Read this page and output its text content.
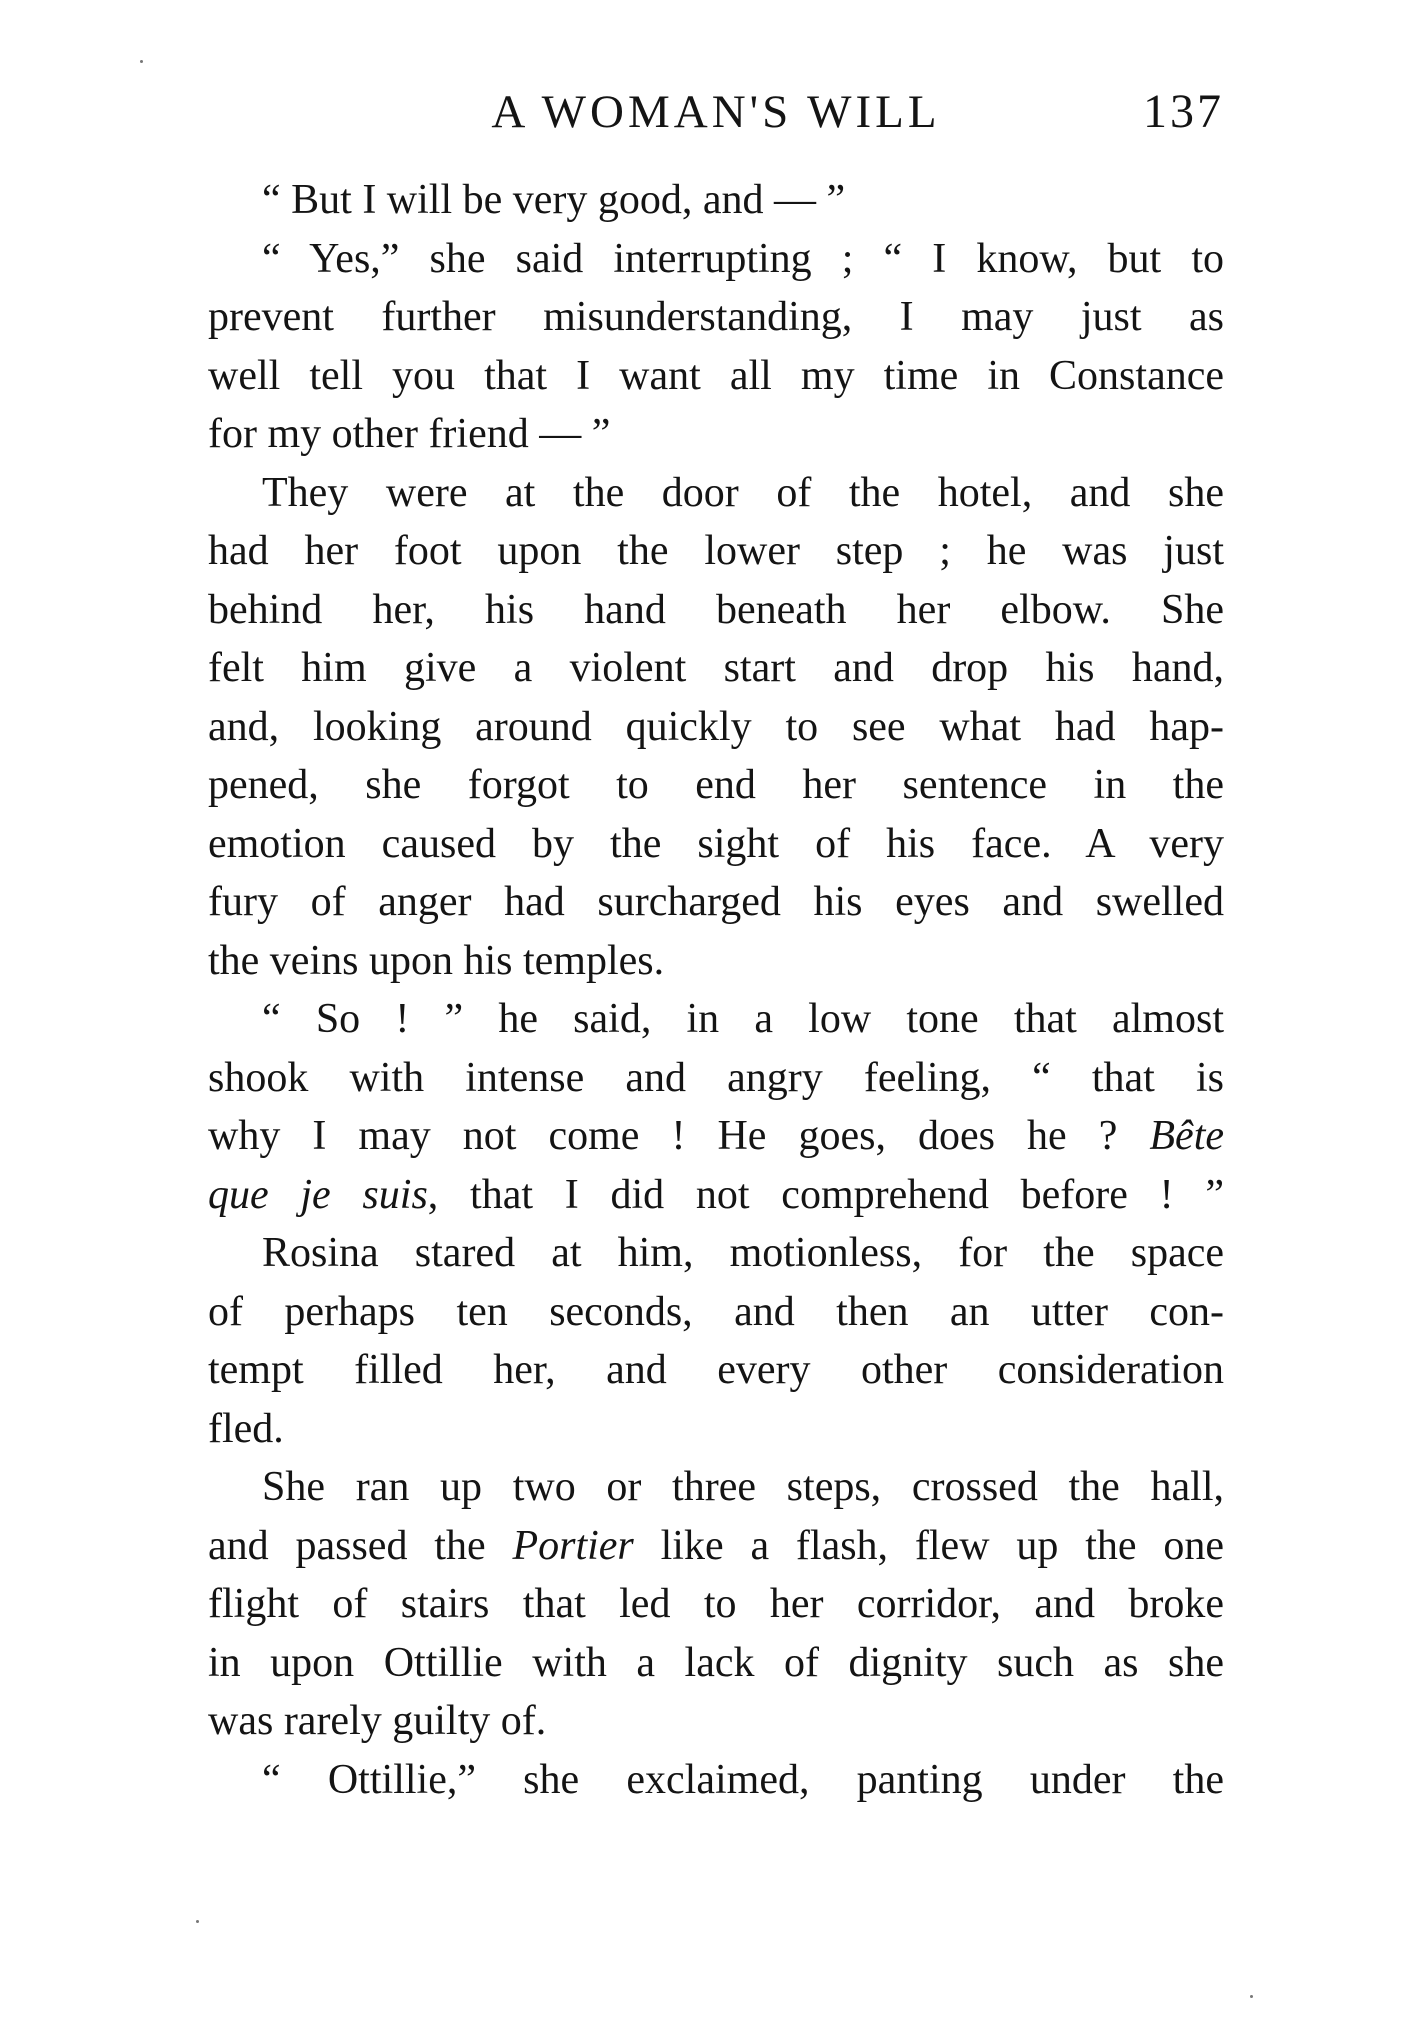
A WOMAN'S WILL	137
“ But I will be very good, and — ”
“ Yes,” she said interrupting ; “ I know, but to
prevent further misunderstanding, I may just as
well tell you that I want all my time in Constance
for my other friend — ”
They were at the door of the hotel, and she
had her foot upon the lower step ; he was just
behind her, his hand beneath her elbow. She
felt him give a violent start and drop his hand,
and, looking around quickly to see what had hap-
pened, she forgot to end her sentence in the
emotion caused by the sight of his face. A very
fury of anger had surcharged his eyes and swelled
the veins upon his temples.
“ So ! ” he said, in a low tone that almost
shook with intense and angry feeling, “ that is
why I may not come ! He goes, does he ? Bête
que je suis, that I did not comprehend before ! ”
Rosina stared at him, motionless, for the space
of perhaps ten seconds, and then an utter con-
tempt filled her, and every other consideration
fled.
She ran up two or three steps, crossed the hall,
and passed the Portier like a flash, flew up the one
flight of stairs that led to her corridor, and broke
in upon Ottillie with a lack of dignity such as she
was rarely guilty of.
“ Ottillie,” she exclaimed, panting under the
